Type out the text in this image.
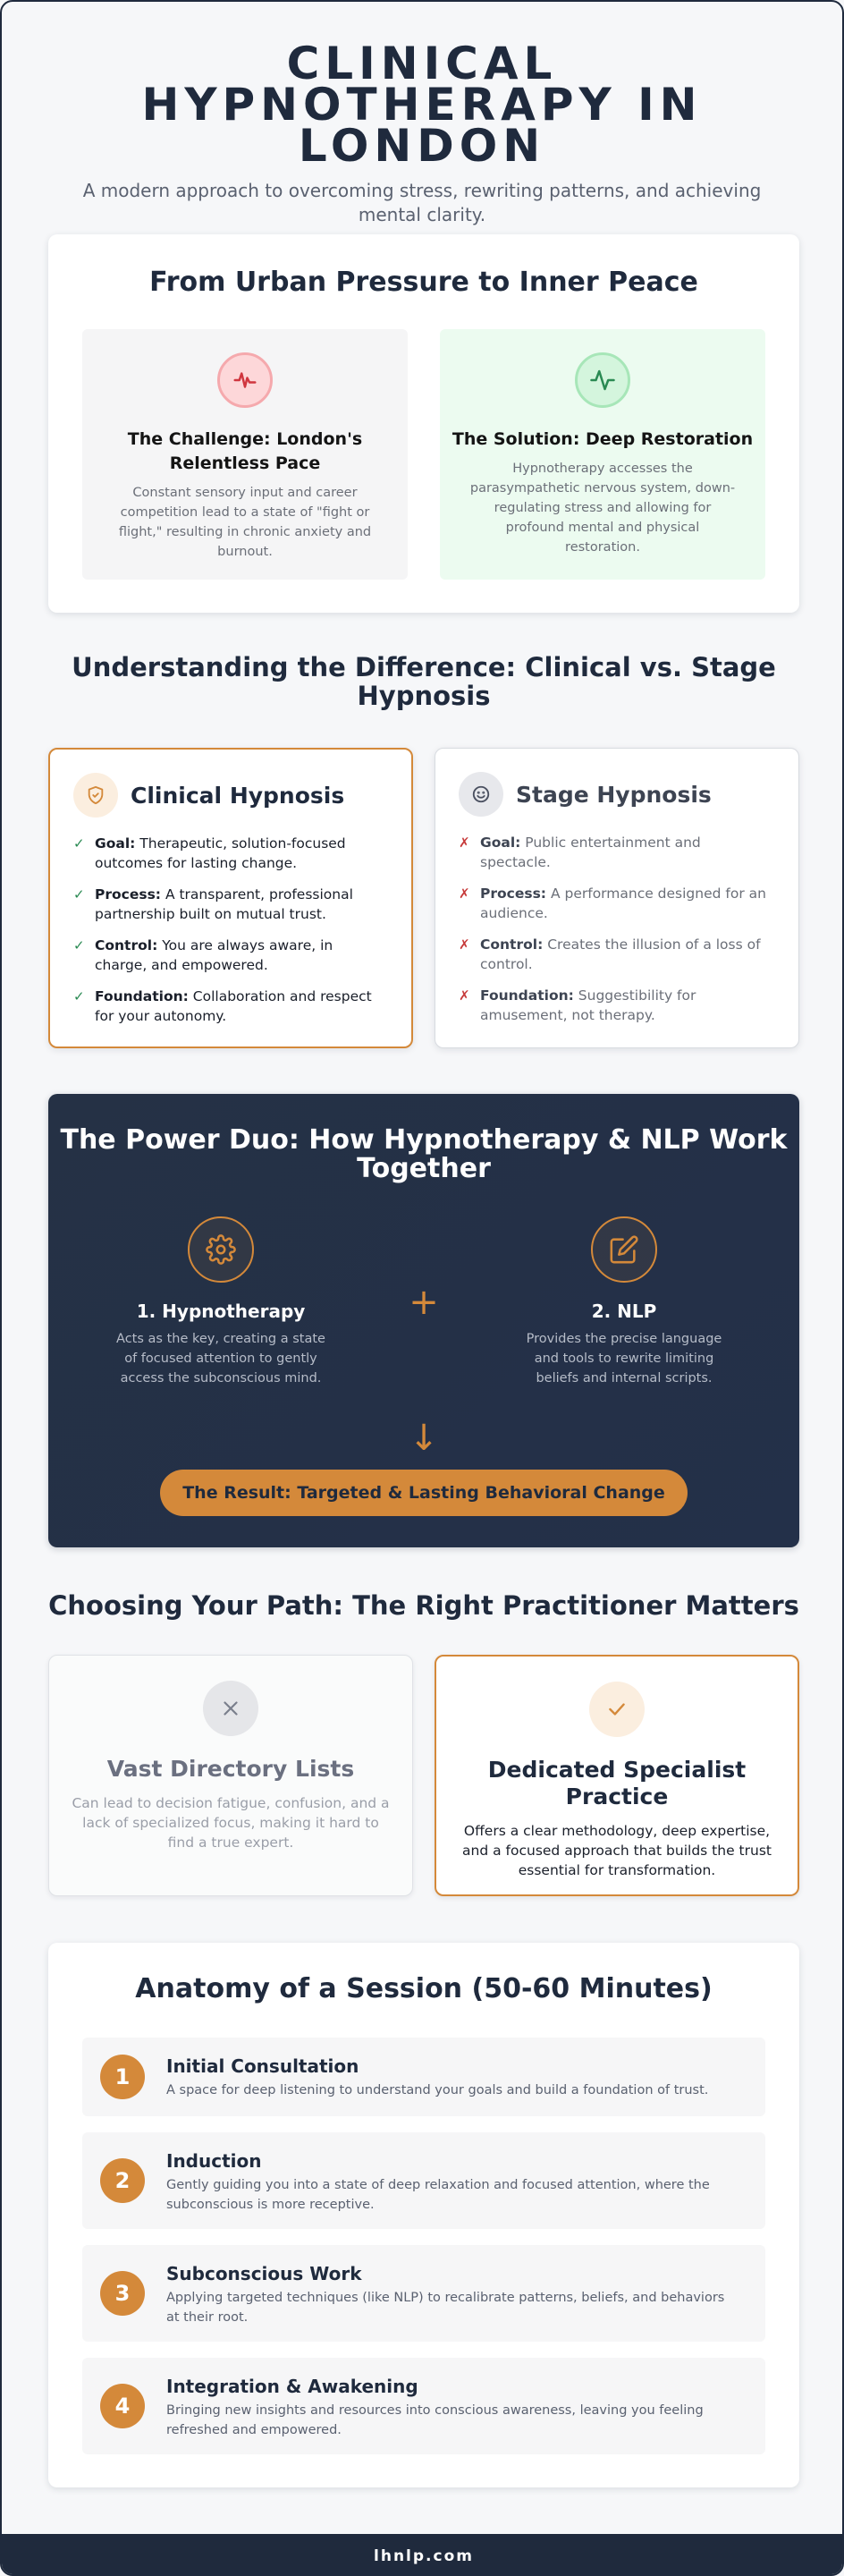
CLINICAL HYPNOTHERAPY IN LONDON

A modern approach to overcoming stress, rewriting patterns, and achieving mental clarity.

From Urban Pressure to Inner Peace
The Challenge: London's Relentless Pace
Constant sensory input and career competition lead to a state of "fight or flight," resulting in chronic anxiety and burnout.
The Solution: Deep Restoration
Hypnotherapy accesses the parasympathetic nervous system, down-regulating stress and allowing for profound mental and physical restoration.
Understanding the Difference: Clinical vs. Stage Hypnosis
Clinical Hypnosis
✓ Goal: Therapeutic, solution-focused outcomes for lasting change.
✓ Process: A transparent, professional partnership built on mutual trust.
✓ Control: You are always aware, in charge, and empowered.
✓ Foundation: Collaboration and respect for your autonomy.
Stage Hypnosis
✗ Goal: Public entertainment and spectacle.
✗ Process: A performance designed for an audience.
✗ Control: Creates the illusion of a loss of control.
✗ Foundation: Suggestibility for amusement, not therapy.
The Power Duo: How Hypnotherapy & NLP Work Together
1. Hypnotherapy
Acts as the key, creating a state of focused attention to gently access the subconscious mind.
+	2. NLP
Provides the precise language and tools to rewrite limiting beliefs and internal scripts.
↓
The Result: Targeted & Lasting Behavioral Change
Choosing Your Path: The Right Practitioner Matters
Vast Directory Lists
Can lead to decision fatigue, confusion, and a lack of specialized focus, making it hard to find a true expert.
Dedicated Specialist Practice
Offers a clear methodology, deep expertise, and a focused approach that builds the trust essential for transformation.
Anatomy of a Session (50-60 Minutes)
1	Initial Consultation
A space for deep listening to understand your goals and build a foundation of trust.
2
Induction
Gently guiding you into a state of deep relaxation and focused attention, where the subconscious is more receptive.
3
Subconscious Work
Applying targeted techniques (like NLP) to recalibrate patterns, beliefs, and behaviors at their root.
4
Integration & Awakening
Bringing new insights and resources into conscious awareness, leaving you feeling refreshed and empowered.
lhnlp.com
